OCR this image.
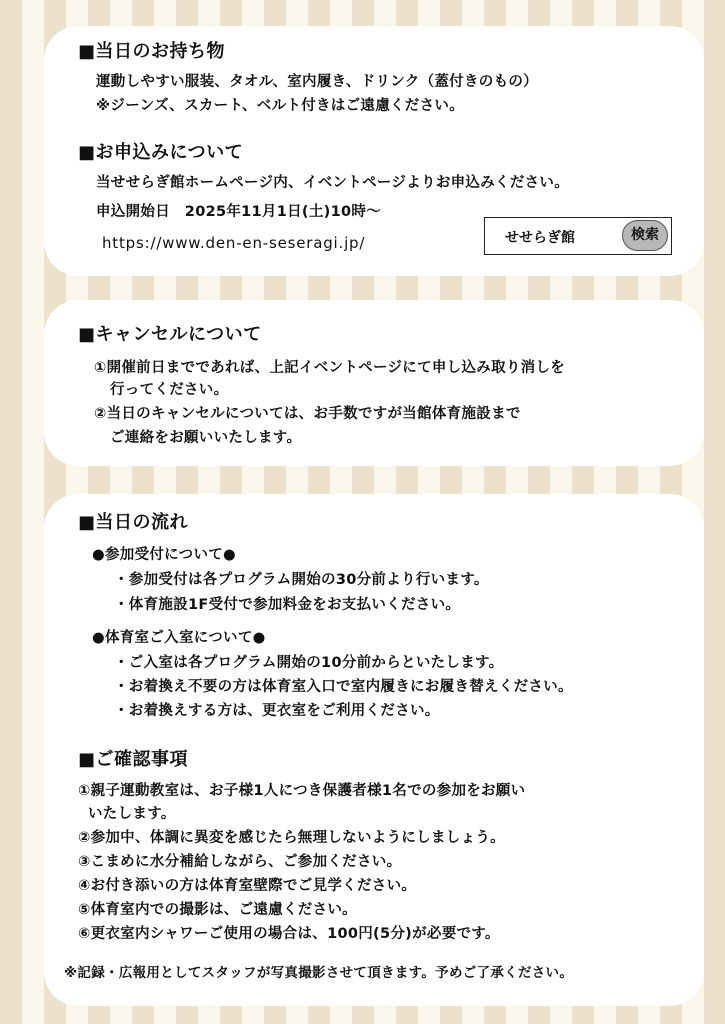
■当日のお持ち物
運動しやすい服装、タオル、室内履き、ドリンク（蓋付きのもの）
※ジーンズ、スカート、ベルト付きはご遠慮ください。
■お申込みについて
当せせらぎ館ホームページ内、イベントページよりお申込みください。
申込開始日　2025年11月1日(土)10時～
https://www.den-en-seseragi.jp/	せせらぎ館	検索
■キャンセルについて
①開催前日までであれば、上記イベントページにて申し込み取り消しを
行ってください。
②当日のキャンセルについては、お手数ですが当館体育施設まで
ご連絡をお願いいたします。
■当日の流れ
●参加受付について●
・参加受付は各プログラム開始の30分前より行います。
・体育施設1F受付で参加料金をお支払いください。
●体育室ご入室について●
・ご入室は各プログラム開始の10分前からといたします。
・お着換え不要の方は体育室入口で室内履きにお履き替えください。
・お着換えする方は、更衣室をご利用ください。
■ご確認事項
①親子運動教室は、お子様1人につき保護者様1名での参加をお願い
いたします。
②参加中、体調に異変を感じたら無理しないようにしましょう。
③こまめに水分補給しながら、ご参加ください。
④お付き添いの方は体育室壁際でご見学ください。
⑤体育室内での撮影は、ご遠慮ください。
⑥更衣室内シャワーご使用の場合は、100円(5分)が必要です。
※記録・広報用としてスタッフが写真撮影させて頂きます。予めご了承ください。
